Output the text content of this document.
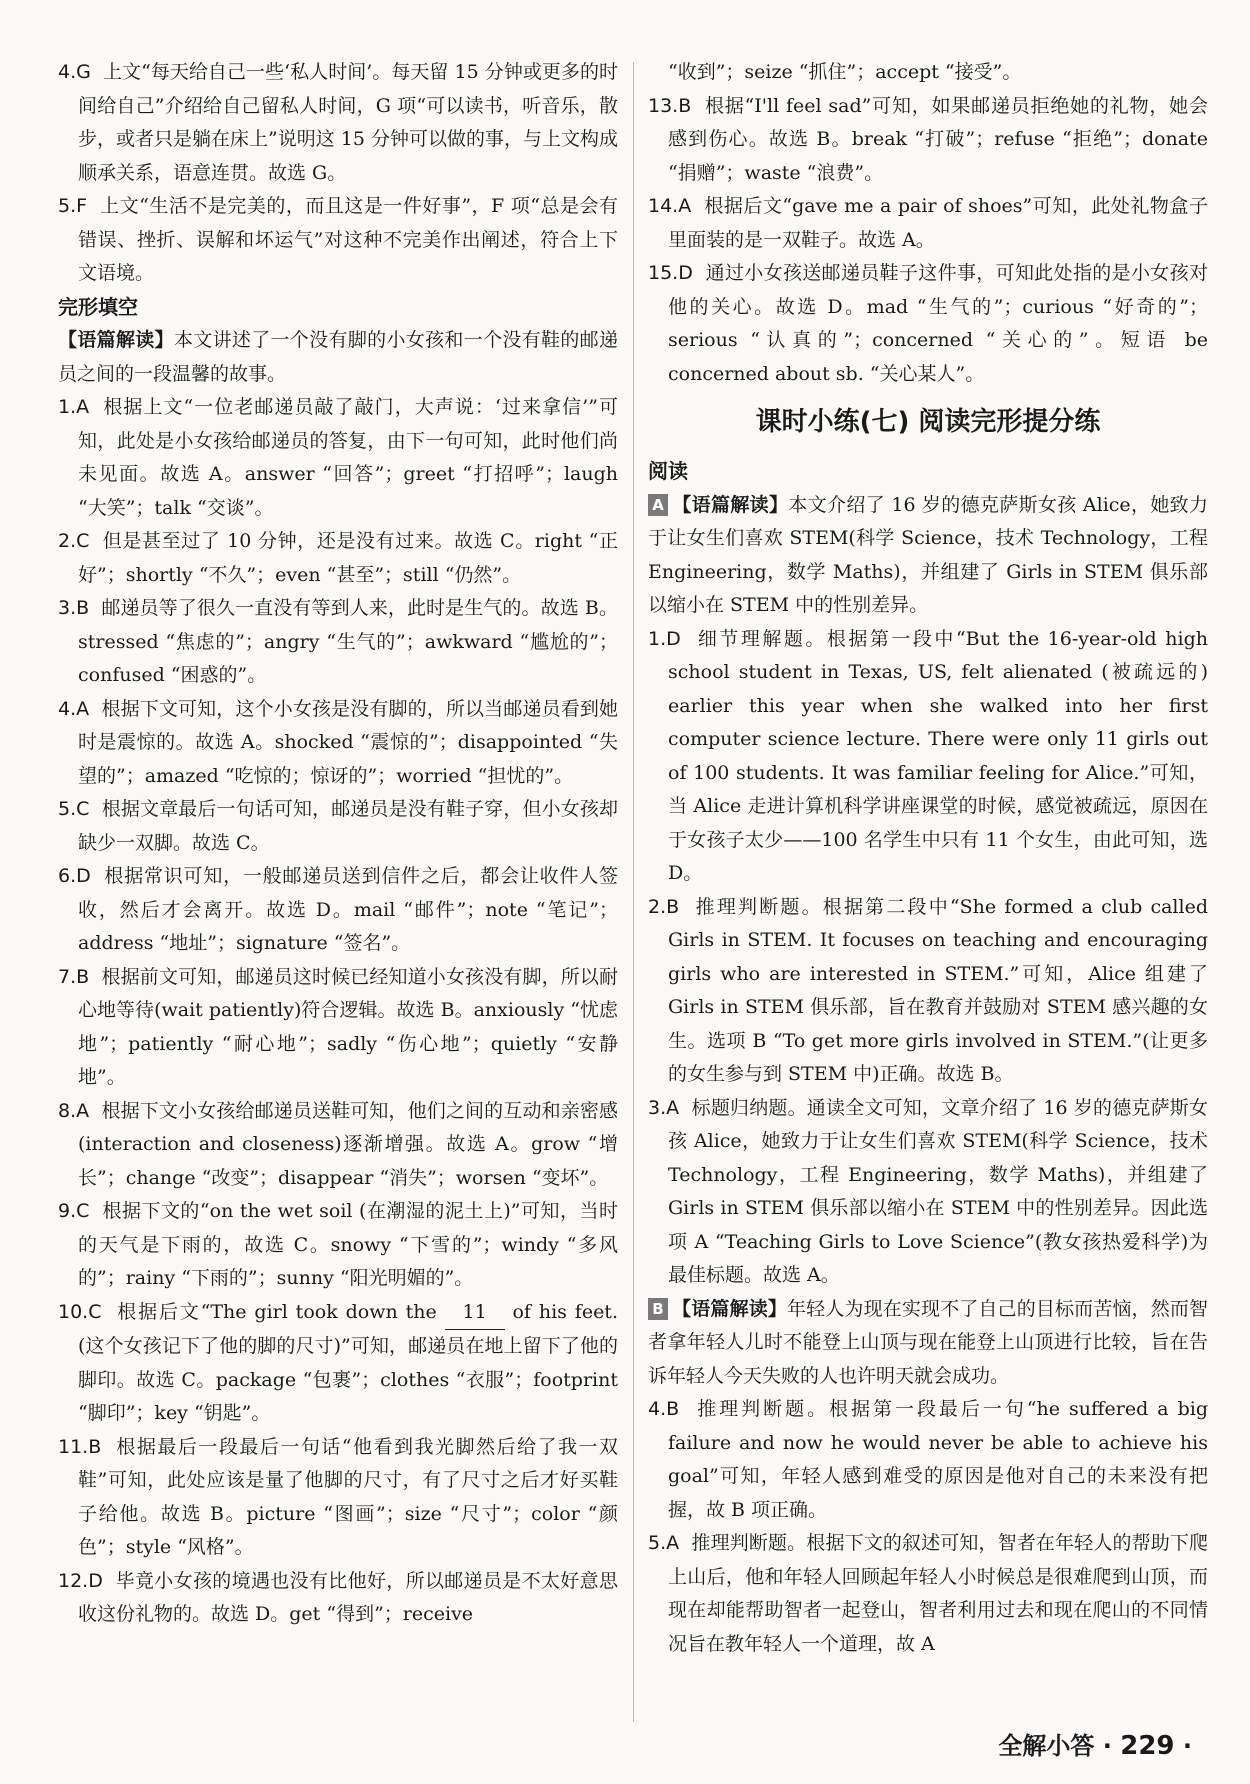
4.G 上文“每天给自己一些‘私人时间’。每天留 15 分钟或更多的时间给自己”介绍给自己留私人时间，G 项“可以读书，听音乐，散步，或者只是躺在床上”说明这 15 分钟可以做的事，与上文构成顺承关系，语意连贯。故选 G。

5.F 上文“生活不是完美的，而且这是一件好事”，F 项“总是会有错误、挫折、误解和坏运气”对这种不完美作出阐述，符合上下文语境。

完形填空

【语篇解读】本文讲述了一个没有脚的小女孩和一个没有鞋的邮递员之间的一段温馨的故事。

1.A 根据上文“一位老邮递员敲了敲门，大声说：‘过来拿信’”可知，此处是小女孩给邮递员的答复，由下一句可知，此时他们尚未见面。故选 A。answer “回答”；greet “打招呼”；laugh “大笑”；talk “交谈”。

2.C 但是甚至过了 10 分钟，还是没有过来。故选 C。right “正好”；shortly “不久”；even “甚至”；still “仍然”。

3.B 邮递员等了很久一直没有等到人来，此时是生气的。故选 B。stressed “焦虑的”；angry “生气的”；awkward “尴尬的”；confused “困惑的”。

4.A 根据下文可知，这个小女孩是没有脚的，所以当邮递员看到她时是震惊的。故选 A。shocked “震惊的”；disappointed “失望的”；amazed “吃惊的；惊讶的”；worried “担忧的”。

5.C 根据文章最后一句话可知，邮递员是没有鞋子穿，但小女孩却缺少一双脚。故选 C。

6.D 根据常识可知，一般邮递员送到信件之后，都会让收件人签收，然后才会离开。故选 D。mail “邮件”；note “笔记”；address “地址”；signature “签名”。

7.B 根据前文可知，邮递员这时候已经知道小女孩没有脚，所以耐心地等待(wait patiently)符合逻辑。故选 B。anxiously “忧虑地”；patiently “耐心地”；sadly “伤心地”；quietly “安静地”。

8.A 根据下文小女孩给邮递员送鞋可知，他们之间的互动和亲密感(interaction and closeness)逐渐增强。故选 A。grow “增长”；change “改变”；disappear “消失”；worsen “变坏”。

9.C 根据下文的“on the wet soil (在潮湿的泥土上)”可知，当时的天气是下雨的，故选 C。snowy “下雪的”；windy “多风的”；rainy “下雨的”；sunny “阳光明媚的”。

10.C 根据后文“The girl took down the 11 of his feet. (这个女孩记下了他的脚的尺寸)”可知，邮递员在地上留下了他的脚印。故选 C。package “包裹”；clothes “衣服”；footprint “脚印”；key “钥匙”。

11.B 根据最后一段最后一句话“他看到我光脚然后给了我一双鞋”可知，此处应该是量了他脚的尺寸，有了尺寸之后才好买鞋子给他。故选 B。picture “图画”；size “尺寸”；color “颜色”；style “风格”。

12.D 毕竟小女孩的境遇也没有比他好，所以邮递员是不太好意思收这份礼物的。故选 D。get “得到”；receive

“收到”；seize “抓住”；accept “接受”。

13.B 根据“I'll feel sad”可知，如果邮递员拒绝她的礼物，她会感到伤心。故选 B。break “打破”；refuse “拒绝”；donate “捐赠”；waste “浪费”。

14.A 根据后文“gave me a pair of shoes”可知，此处礼物盒子里面装的是一双鞋子。故选 A。

15.D 通过小女孩送邮递员鞋子这件事，可知此处指的是小女孩对他的关心。故选 D。mad “生气的”；curious “好奇的”；serious “认真的”；concerned “关心的”。短语 be concerned about sb. “关心某人”。

课时小练(七) 阅读完形提分练

阅读

A 【语篇解读】本文介绍了 16 岁的德克萨斯女孩 Alice，她致力于让女生们喜欢 STEM(科学 Science，技术 Technology，工程 Engineering，数学 Maths)，并组建了 Girls in STEM 俱乐部以缩小在 STEM 中的性别差异。

1.D 细节理解题。根据第一段中“But the 16-year-old high school student in Texas, US, felt alienated (被疏远的) earlier this year when she walked into her first computer science lecture. There were only 11 girls out of 100 students. It was familiar feeling for Alice.”可知，当 Alice 走进计算机科学讲座课堂的时候，感觉被疏远，原因在于女孩子太少——100 名学生中只有 11 个女生，由此可知，选 D。

2.B 推理判断题。根据第二段中“She formed a club called Girls in STEM. It focuses on teaching and encouraging girls who are interested in STEM.”可知，Alice 组建了 Girls in STEM 俱乐部，旨在教育并鼓励对 STEM 感兴趣的女生。选项 B “To get more girls involved in STEM.”(让更多的女生参与到 STEM 中)正确。故选 B。

3.A 标题归纳题。通读全文可知，文章介绍了 16 岁的德克萨斯女孩 Alice，她致力于让女生们喜欢 STEM(科学 Science，技术 Technology，工程 Engineering，数学 Maths)，并组建了 Girls in STEM 俱乐部以缩小在 STEM 中的性别差异。因此选项 A “Teaching Girls to Love Science”(教女孩热爱科学)为最佳标题。故选 A。

B 【语篇解读】年轻人为现在实现不了自己的目标而苦恼，然而智者拿年轻人儿时不能登上山顶与现在能登上山顶进行比较，旨在告诉年轻人今天失败的人也许明天就会成功。

4.B 推理判断题。根据第一段最后一句“he suffered a big failure and now he would never be able to achieve his goal”可知，年轻人感到难受的原因是他对自己的未来没有把握，故 B 项正确。

5.A 推理判断题。根据下文的叙述可知，智者在年轻人的帮助下爬上山后，他和年轻人回顾起年轻人小时候总是很难爬到山顶，而现在却能帮助智者一起登山，智者利用过去和现在爬山的不同情况旨在教年轻人一个道理，故 A

全解小答 · 229 ·
